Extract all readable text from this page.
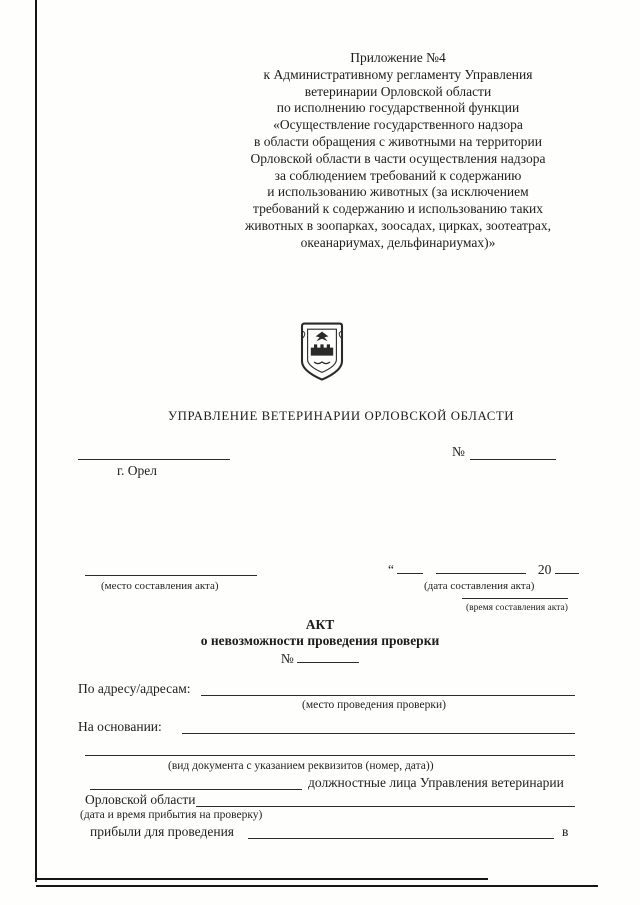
Приложение №4
к Административному регламенту Управления
ветеринарии Орловской области
по исполнению государственной функции
«Осуществление государственного надзора
в области обращения с животными на территории
Орловской области в части осуществления надзора
за соблюдением требований к содержанию
и использованию животных (за исключением
требований к содержанию и использованию таких
животных в зоопарках, зоосадах, цирках, зоотеатрах,
океанариумах, дельфинариумах)»
УПРАВЛЕНИЕ ВЕТЕРИНАРИИ ОРЛОВСКОЙ ОБЛАСТИ
№
г. Орел
(место составления акта)
“	20
(дата составления акта)
(время составления акта)
АКТ
о невозможности проведения проверки
№
По адресу/адресам:
(место проведения проверки)
На основании:
(вид документа с указанием реквизитов (номер, дата))
должностные лица Управления ветеринарии
Орловской области
(дата и время прибытия на проверку)
прибыли для проведения	в
